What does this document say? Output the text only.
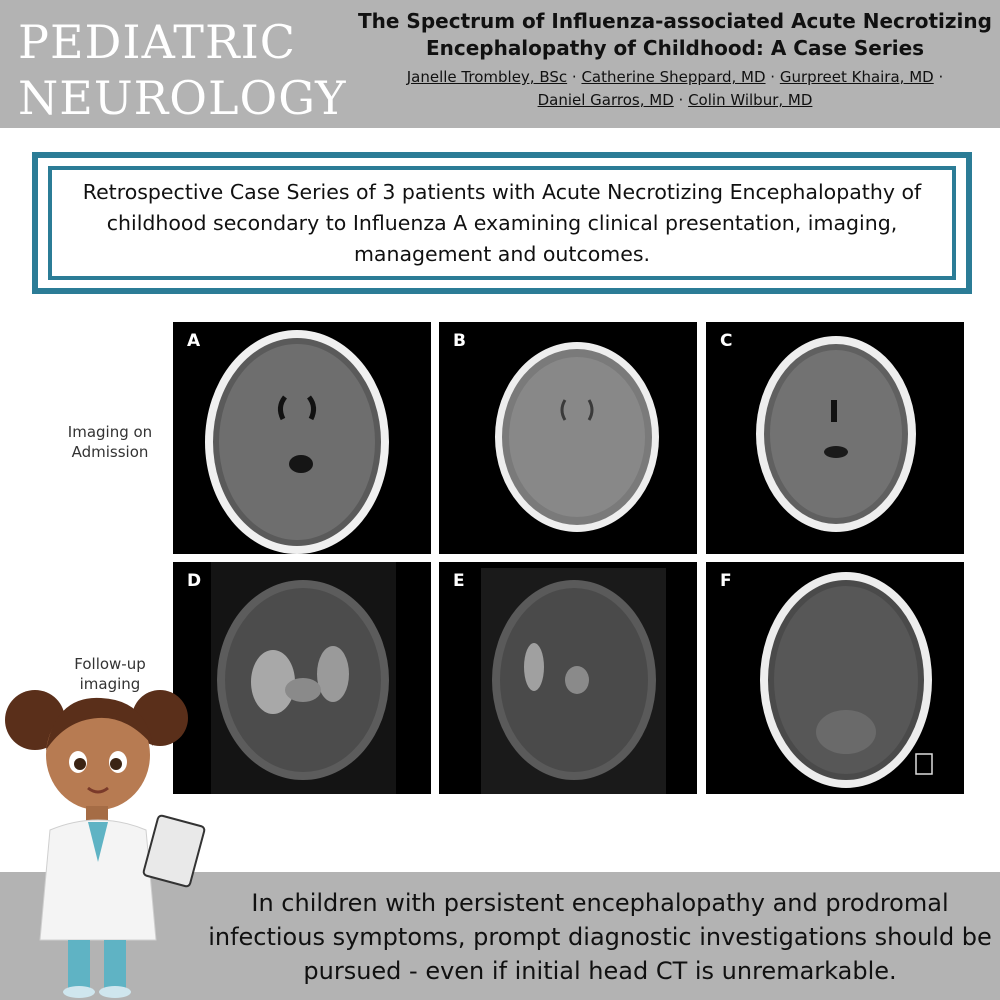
PEDIATRIC
NEUROLOGY
The Spectrum of Influenza-associated Acute Necrotizing Encephalopathy of Childhood: A Case Series
Janelle Trombley, BSc · Catherine Sheppard, MD · Gurpreet Khaira, MD ·
Daniel Garros, MD · Colin Wilbur, MD
Retrospective Case Series of 3 patients with Acute Necrotizing Encephalopathy of childhood secondary to Influenza A examining clinical presentation, imaging, management and outcomes.
Imaging on Admission
Follow-up imaging
A	B	C
D	E	F
In children with persistent encephalopathy and prodromal infectious symptoms, prompt diagnostic investigations should be pursued - even if initial head CT is unremarkable.
